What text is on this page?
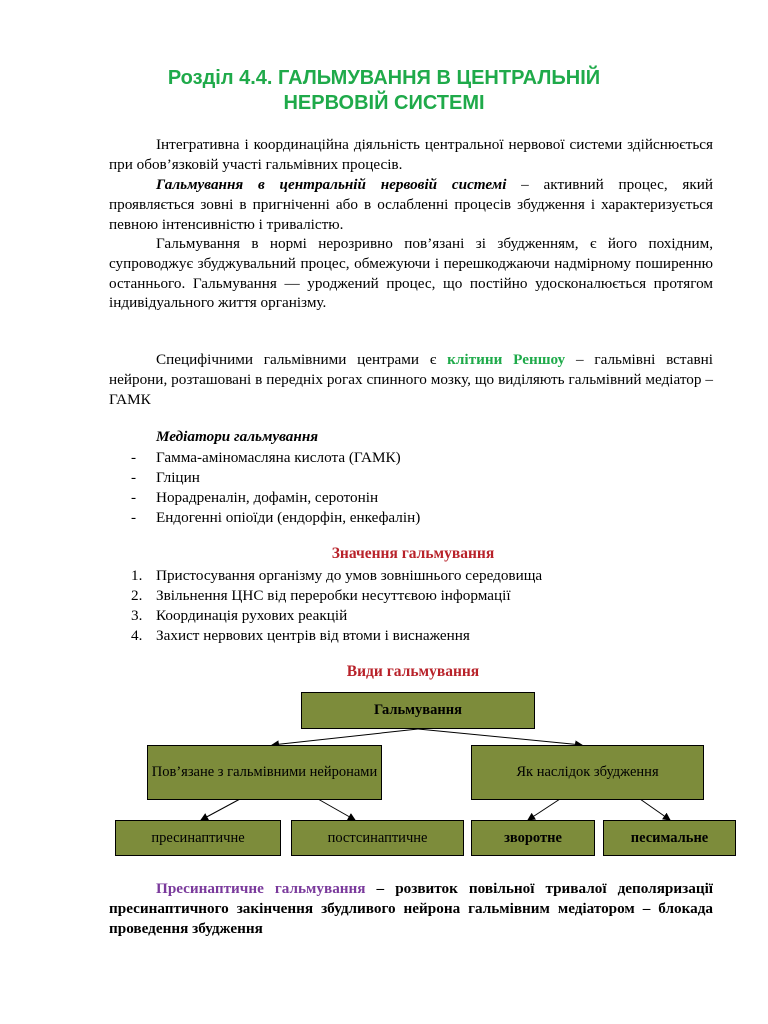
Розділ 4.4. ГАЛЬМУВАННЯ В ЦЕНТРАЛЬНІЙ
НЕРВОВІЙ СИСТЕМІ
Інтегративна і координаційна діяльність центральної нервової системи здійснюється при обов’язковій участі гальмівних процесів.
Гальмування в центральній нервовій системі – активний процес, який проявляється зовні в пригніченні або в ослабленні процесів збудження і характеризується певною інтенсивністю і тривалістю.
Гальмування в нормі нерозривно пов’язані зі збудженням, є його похідним, супроводжує збуджувальний процес, обмежуючи і перешкоджаючи надмірному поширенню останнього. Гальмування — уроджений процес, що постійно удосконалюється протягом індивідуального життя організму.
Специфічними гальмівними центрами є клітини Реншоу – гальмівні вставні нейрони, розташовані в передніх рогах спинного мозку, що виділяють гальмівний медіатор – ГАМК
Медіатори гальмування
- Гамма-аміномасляна кислота (ГАМК)
- Гліцин
- Норадреналін, дофамін, серотонін
- Ендогенні опіоїди (ендорфін, енкефалін)
Значення гальмування
1. Пристосування організму до умов зовнішнього середовища
2. Звільнення ЦНС від переробки несуттєвою інформації
3. Координація рухових реакцій
4. Захист нервових центрів від втоми і виснаження
Види гальмування
Гальмування
Пов’язане з гальмівними нейронами	Як наслідок збудження
пресинаптичне	постсинаптичне	зворотне	песимальне
Пресинаптичне гальмування – розвиток повільної тривалої деполяризації пресинаптичного закінчення збудливого нейрона гальмівним медіатором – блокада проведення збудження
